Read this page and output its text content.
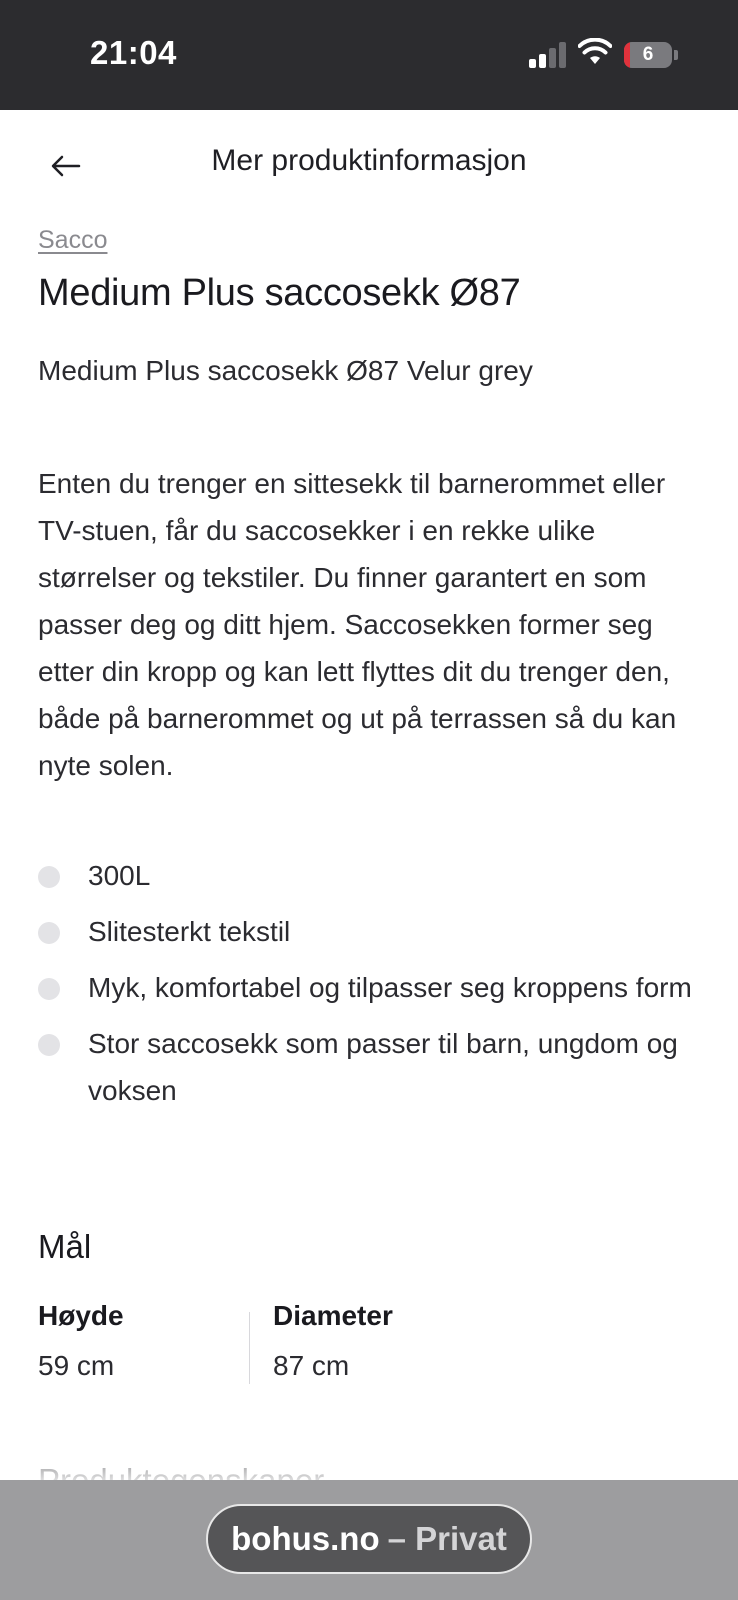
21:04	6
Mer produktinformasjon
Sacco
Medium Plus saccosekk Ø87
Medium Plus saccosekk Ø87 Velur grey

Enten du trenger en sittesekk til barnerommet eller TV-stuen, får du saccosekker i en rekke ulike størrelser og tekstiler. Du finner garantert en som passer deg og ditt hjem. Saccosekken former seg etter din kropp og kan lett flyttes dit du trenger den, både på barnerommet og ut på terrassen så du kan nyte solen.

300L
Slitesterkt tekstil
Myk, komfortabel og tilpasser seg kroppens form
Stor saccosekk som passer til barn, ungdom og voksen
Mål
Høyde
59 cm
Diameter
87 cm
bohus.no – Privat
